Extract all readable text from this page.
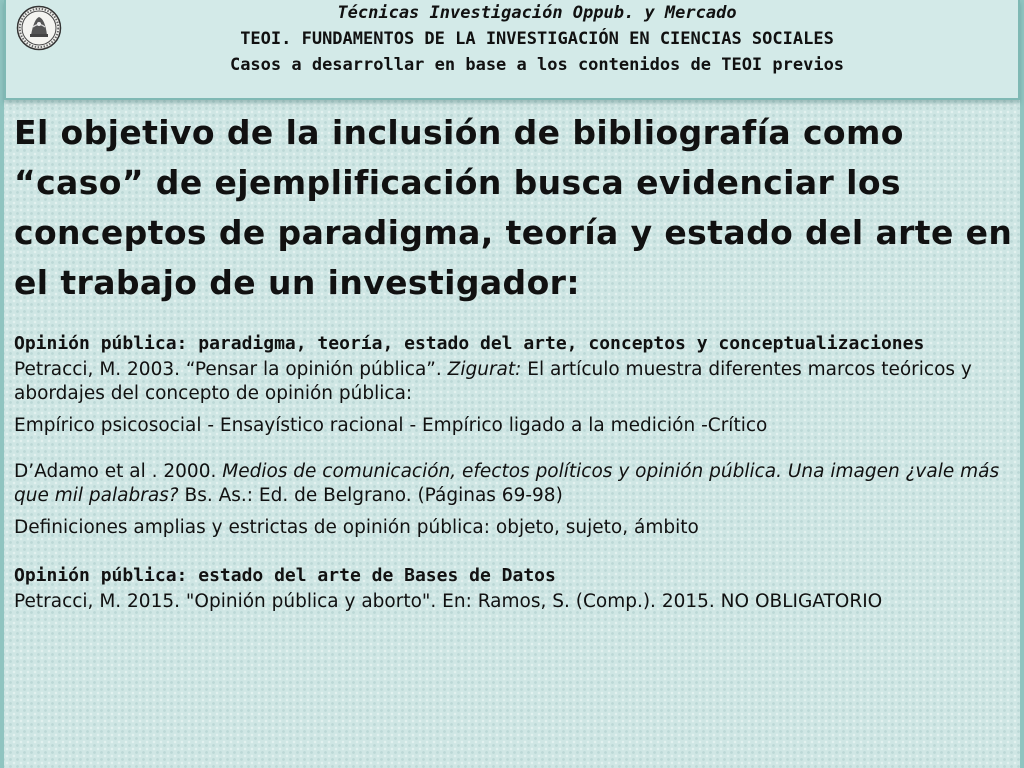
Técnicas Investigación Oppub. y Mercado
TEOI. FUNDAMENTOS DE LA INVESTIGACIÓN EN CIENCIAS SOCIALES
Casos a desarrollar en base a los contenidos de TEOI previos

El objetivo de la inclusión de bibliografía como “caso” de ejemplificación busca evidenciar los conceptos de paradigma, teoría y estado del arte en el trabajo de un investigador:

Opinión pública: paradigma, teoría, estado del arte, conceptos y conceptualizaciones
Petracci, M. 2003. “Pensar la opinión pública”. Zigurat: El artículo muestra diferentes marcos teóricos y abordajes del concepto de opinión pública:
Empírico psicosocial - Ensayístico racional - Empírico ligado a la medición -Crítico
D’Adamo et al . 2000. Medios de comunicación, efectos políticos y opinión pública. Una imagen ¿vale más que mil palabras? Bs. As.: Ed. de Belgrano. (Páginas 69-98)
Definiciones amplias y estrictas de opinión pública: objeto, sujeto, ámbito
Opinión pública: estado del arte de Bases de Datos
Petracci, M. 2015. "Opinión pública y aborto". En: Ramos, S. (Comp.). 2015. NO OBLIGATORIO
